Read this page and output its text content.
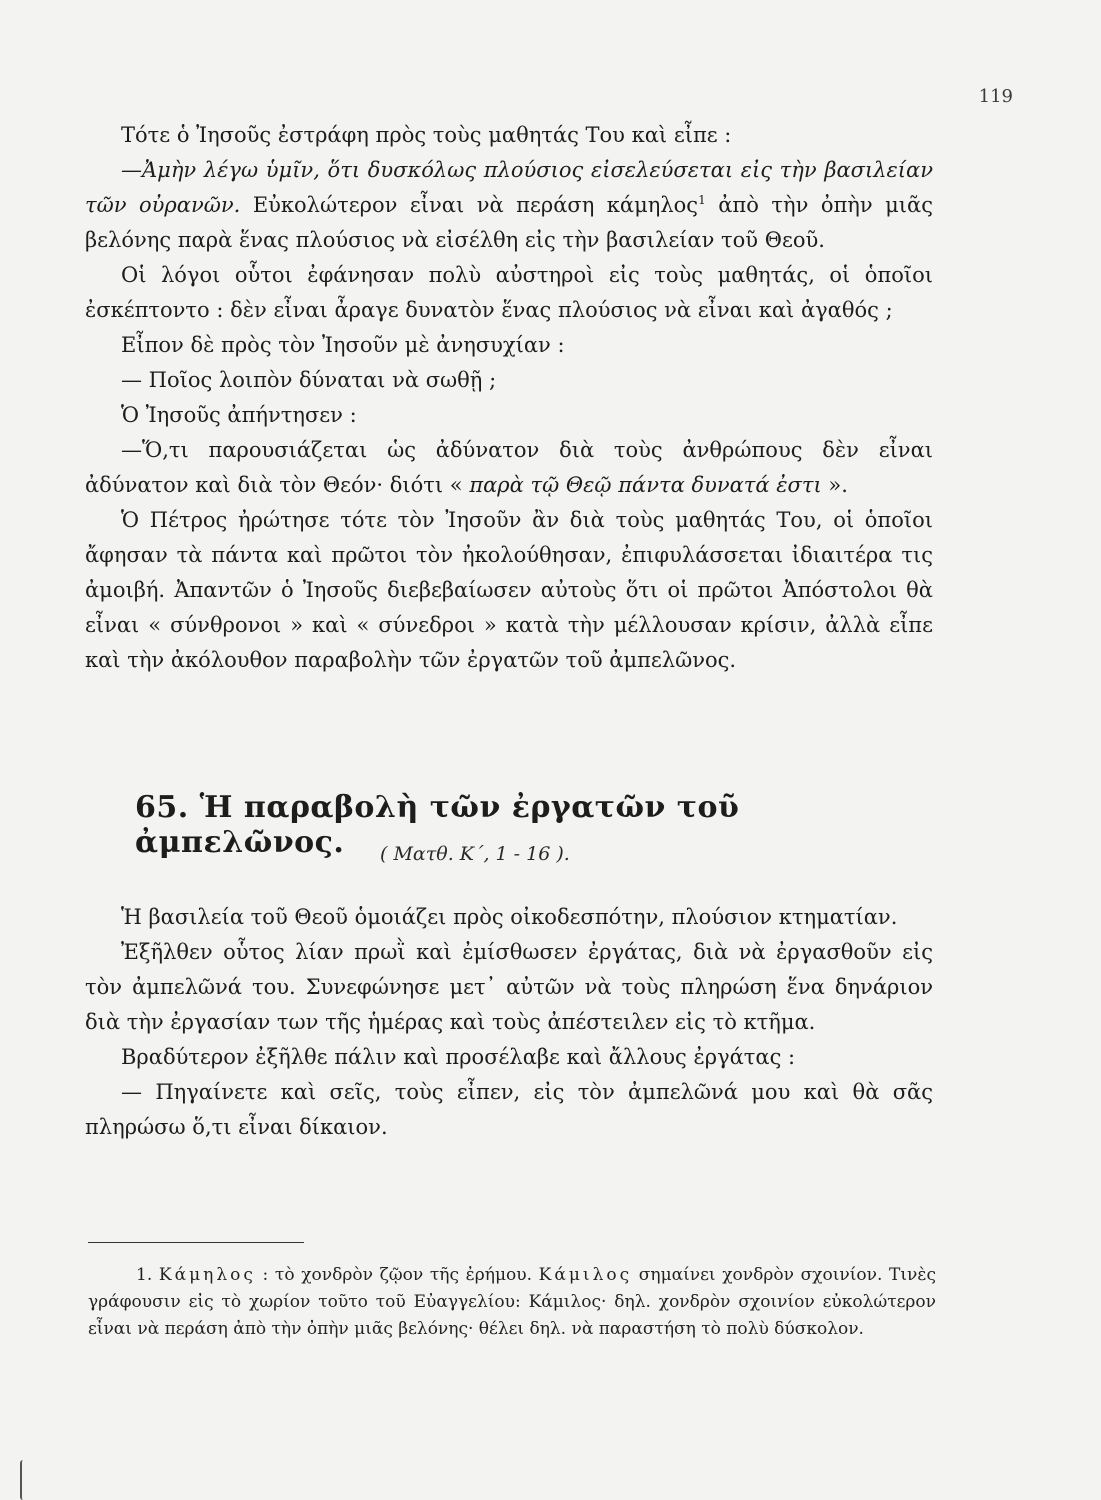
119

Τότε ὁ Ἰησοῦς ἐστράφη πρὸς τοὺς μαθητάς Του καὶ εἶπε :

—Ἀμὴν λέγω ὑμῖν, ὅτι δυσκόλως πλούσιος εἰσελεύσεται εἰς τὴν βασιλείαν τῶν οὐρανῶν. Εὐκολώτερον εἶναι νὰ περάση κάμηλος$^1$ ἀπὸ τὴν ὀπὴν μιᾶς βελόνης παρὰ ἕνας πλούσιος νὰ εἰσέλθη εἰς τὴν βασιλείαν τοῦ Θεοῦ.

Οἱ λόγοι οὗτοι ἐφάνησαν πολὺ αὐστηροὶ εἰς τοὺς μαθητάς, οἱ ὁποῖοι ἐσκέπτοντο : δὲν εἶναι ἆραγε δυνατὸν ἕνας πλούσιος νὰ εἶναι καὶ ἀγαθός ;

Εἶπον δὲ πρὸς τὸν Ἰησοῦν μὲ ἀνησυχίαν :

— Ποῖος λοιπὸν δύναται νὰ σωθῇ ;

Ὁ Ἰησοῦς ἀπήντησεν :

—Ὅ,τι παρουσιάζεται ὡς ἀδύνατον διὰ τοὺς ἀνθρώπους δὲν εἶναι ἀδύνατον καὶ διὰ τὸν Θεόν· διότι « παρὰ τῷ Θεῷ πάντα δυνατά ἐστι ».

Ὁ Πέτρος ἠρώτησε τότε τὸν Ἰησοῦν ἂν διὰ τοὺς μαθητάς Του, οἱ ὁποῖοι ἄφησαν τὰ πάντα καὶ πρῶτοι τὸν ἠκολούθησαν, ἐπιφυλάσσεται ἰδιαιτέρα τις ἀμοιβή. Ἀπαντῶν ὁ Ἰησοῦς διεβεβαίωσεν αὐτοὺς ὅτι οἱ πρῶτοι Ἀπόστολοι θὰ εἶναι « σύνθρονοι » καὶ « σύνεδροι » κατὰ τὴν μέλλουσαν κρίσιν, ἀλλὰ εἶπε καὶ τὴν ἀκόλουθον παραβολὴν τῶν ἐργατῶν τοῦ ἀμπελῶνος.

65. Ἡ παραβολὴ τῶν ἐργατῶν τοῦ ἀμπελῶνος.	( Ματθ. Κ΄, 1 - 16 ).

Ἡ βασιλεία τοῦ Θεοῦ ὁμοιάζει πρὸς οἰκοδεσπότην, πλούσιον κτηματίαν.

Ἐξῆλθεν οὗτος λίαν πρωῒ καὶ ἐμίσθωσεν ἐργάτας, διὰ νὰ ἐργασθοῦν εἰς τὸν ἀμπελῶνά του. Συνεφώνησε μετ᾽ αὐτῶν νὰ τοὺς πληρώση ἕνα δηνάριον διὰ τὴν ἐργασίαν των τῆς ἡμέρας καὶ τοὺς ἀπέστειλεν εἰς τὸ κτῆμα.

Βραδύτερον ἐξῆλθε πάλιν καὶ προσέλαβε καὶ ἄλλους ἐργάτας :

— Πηγαίνετε καὶ σεῖς, τοὺς εἶπεν, εἰς τὸν ἀμπελῶνά μου καὶ θὰ σᾶς πληρώσω ὅ,τι εἶναι δίκαιον.

1. Κάμηλος : τὸ χονδρὸν ζῷον τῆς ἐρήμου. Κάμιλος σημαίνει χονδρὸν σχοινίον. Τινὲς γράφουσιν εἰς τὸ χωρίον τοῦτο τοῦ Εὐαγγελίου: Κάμιλος· δηλ. χονδρὸν σχοινίον εὐκολώτερον εἶναι νὰ περάση ἀπὸ τὴν ὀπὴν μιᾶς βελόνης· θέλει δηλ. νὰ παραστήση τὸ πολὺ δύσκολον.
